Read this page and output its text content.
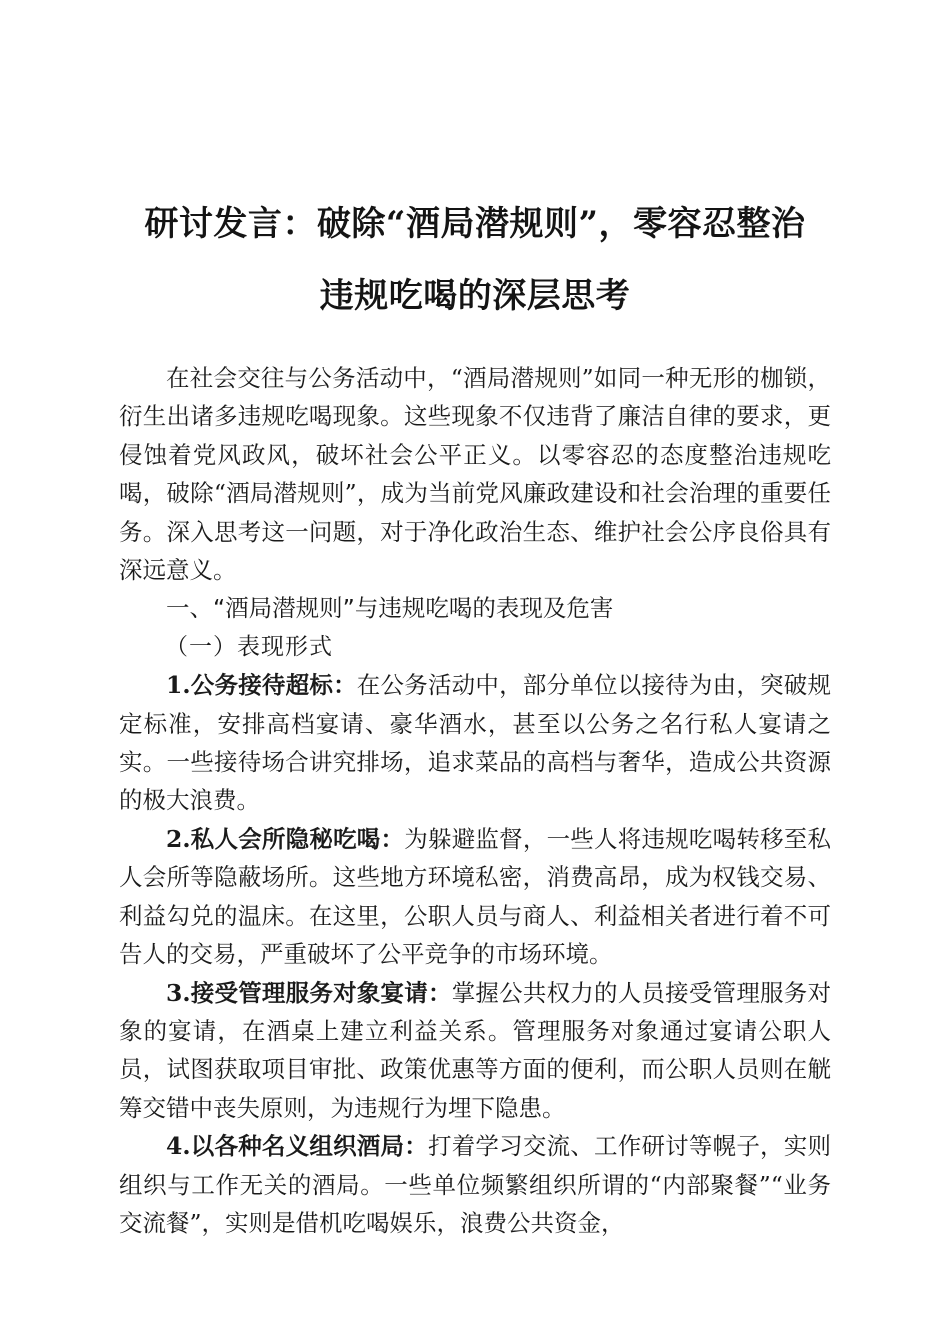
研讨发言：破除“酒局潜规则”，零容忍整治
违规吃喝的深层思考

在社会交往与公务活动中，“酒局潜规则”如同一种无形的枷锁，衍生出诸多违规吃喝现象。这些现象不仅违背了廉洁自律的要求，更侵蚀着党风政风，破坏社会公平正义。以零容忍的态度整治违规吃喝，破除“酒局潜规则”，成为当前党风廉政建设和社会治理的重要任务。深入思考这一问题，对于净化政治生态、维护社会公序良俗具有深远意义。

一、“酒局潜规则”与违规吃喝的表现及危害

（一）表现形式

1.公务接待超标：在公务活动中，部分单位以接待为由，突破规定标准，安排高档宴请、豪华酒水，甚至以公务之名行私人宴请之实。一些接待场合讲究排场，追求菜品的高档与奢华，造成公共资源的极大浪费。

2.私人会所隐秘吃喝：为躲避监督，一些人将违规吃喝转移至私人会所等隐蔽场所。这些地方环境私密，消费高昂，成为权钱交易、利益勾兑的温床。在这里，公职人员与商人、利益相关者进行着不可告人的交易，严重破坏了公平竞争的市场环境。

3.接受管理服务对象宴请：掌握公共权力的人员接受管理服务对象的宴请，在酒桌上建立利益关系。管理服务对象通过宴请公职人员，试图获取项目审批、政策优惠等方面的便利，而公职人员则在觥筹交错中丧失原则，为违规行为埋下隐患。

4.以各种名义组织酒局：打着学习交流、工作研讨等幌子，实则组织与工作无关的酒局。一些单位频繁组织所谓的“内部聚餐”“业务交流餐”，实则是借机吃喝娱乐，浪费公共资金，
